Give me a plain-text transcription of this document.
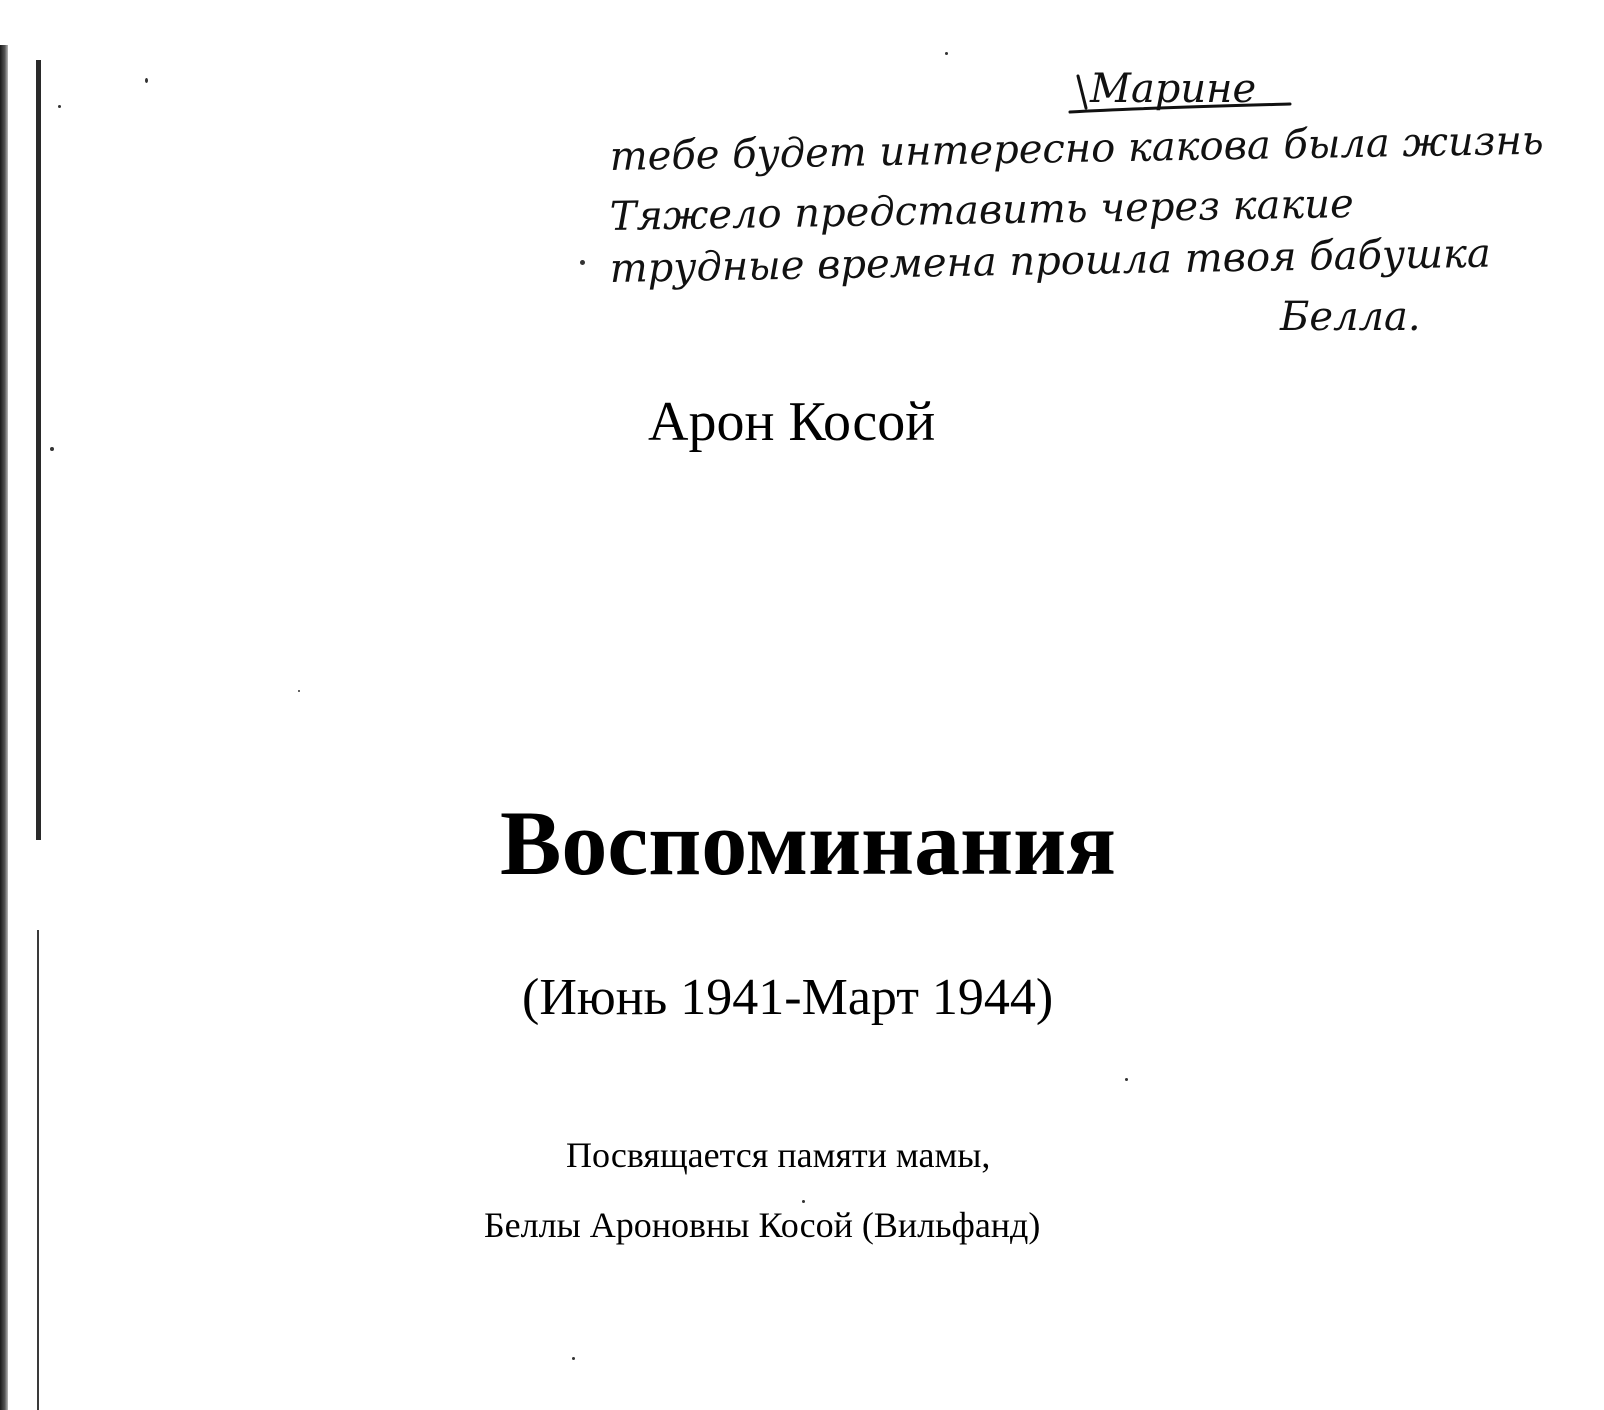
Марине
тебе будет интересно какова была жизнь
Тяжело представить через какие
трудные времена прошла твоя бабушка
Белла.

Арон Косой

Воспоминания

(Июнь 1941-Март 1944)

Посвящается памяти мамы,

Беллы Ароновны Косой (Вильфанд)
